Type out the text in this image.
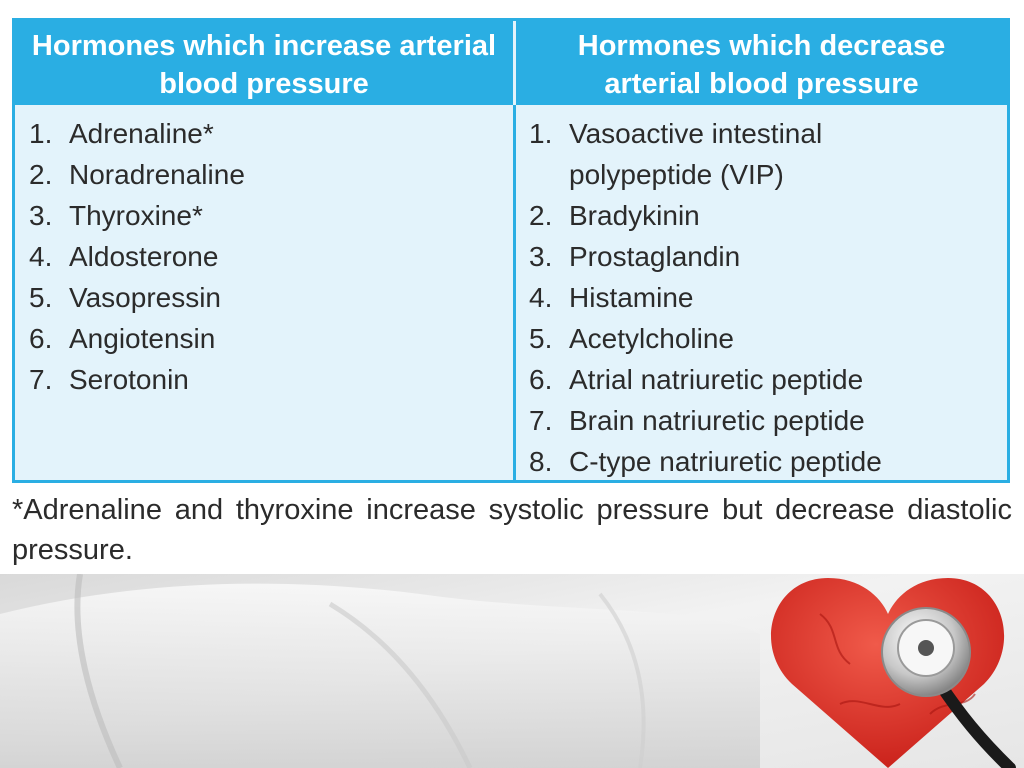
Hormones which increase arterial blood pressure
Hormones which decrease arterial blood pressure
1. Adrenaline*
2. Noradrenaline
3. Thyroxine*
4. Aldosterone
5. Vasopressin
6. Angiotensin
7. Serotonin
1. Vasoactive intestinal
polypeptide (VIP)
2. Bradykinin
3. Prostaglandin
4. Histamine
5. Acetylcholine
6. Atrial natriuretic peptide
7. Brain natriuretic peptide
8. C-type natriuretic peptide

*Adrenaline and thyroxine increase systolic pressure but decrease diastolic pressure.
